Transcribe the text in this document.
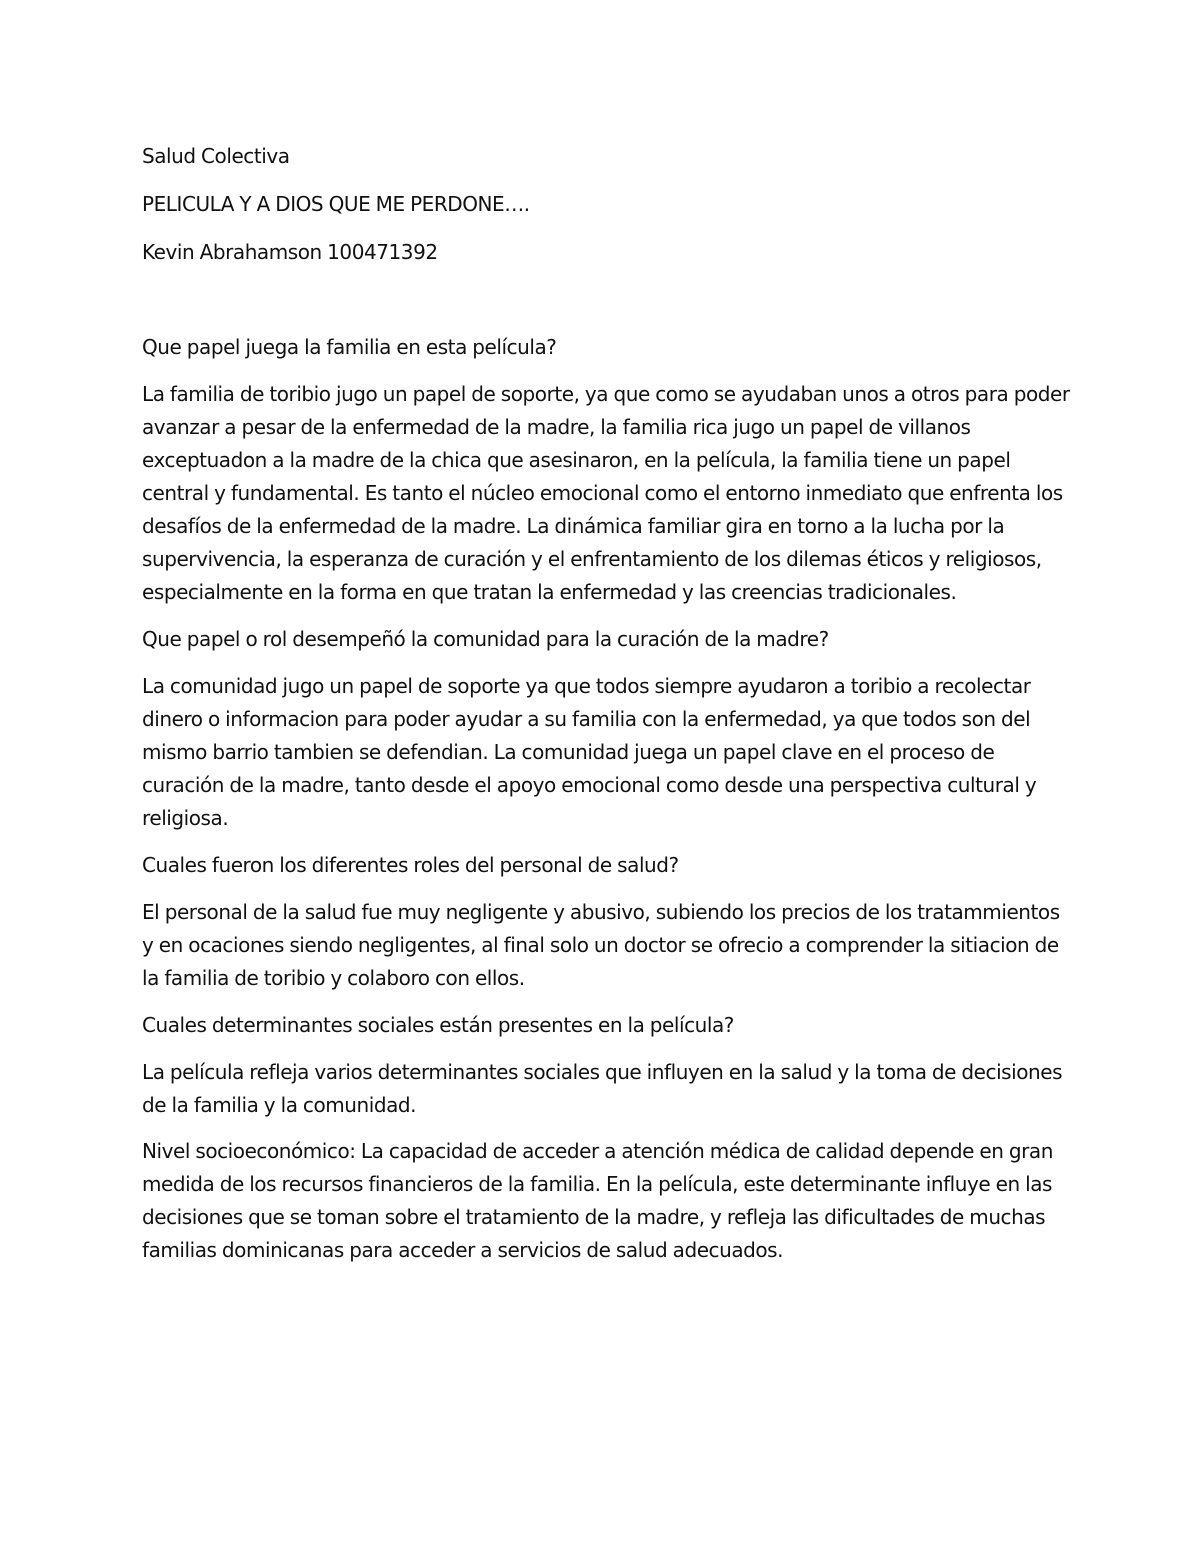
Salud Colectiva

PELICULA Y A DIOS QUE ME PERDONE….

Kevin Abrahamson 100471392

Que papel juega la familia en esta película?

La familia de toribio jugo un papel de soporte, ya que como se ayudaban unos a otros para poder avanzar a pesar de la enfermedad de la madre, la familia rica jugo un papel de villanos exceptuadon a la madre de la chica que asesinaron, en la película, la familia tiene un papel central y fundamental. Es tanto el núcleo emocional como el entorno inmediato que enfrenta los desafíos de la enfermedad de la madre. La dinámica familiar gira en torno a la lucha por la supervivencia, la esperanza de curación y el enfrentamiento de los dilemas éticos y religiosos, especialmente en la forma en que tratan la enfermedad y las creencias tradicionales.

Que papel o rol desempeñó la comunidad para la curación de la madre?

La comunidad jugo un papel de soporte ya que todos siempre ayudaron a toribio a recolectar dinero o informacion para poder ayudar a su familia con la enfermedad, ya que todos son del mismo barrio tambien se defendian. La comunidad juega un papel clave en el proceso de curación de la madre, tanto desde el apoyo emocional como desde una perspectiva cultural y religiosa.

Cuales fueron los diferentes roles del personal de salud?

El personal de la salud fue muy negligente y abusivo, subiendo los precios de los tratammientos y en ocaciones siendo negligentes, al final solo un doctor se ofrecio a comprender la sitiacion de la familia de toribio y colaboro con ellos.

Cuales determinantes sociales están presentes en la película?

La película refleja varios determinantes sociales que influyen en la salud y la toma de decisiones de la familia y la comunidad.

Nivel socioeconómico: La capacidad de acceder a atención médica de calidad depende en gran medida de los recursos financieros de la familia. En la película, este determinante influye en las decisiones que se toman sobre el tratamiento de la madre, y refleja las dificultades de muchas familias dominicanas para acceder a servicios de salud adecuados.
